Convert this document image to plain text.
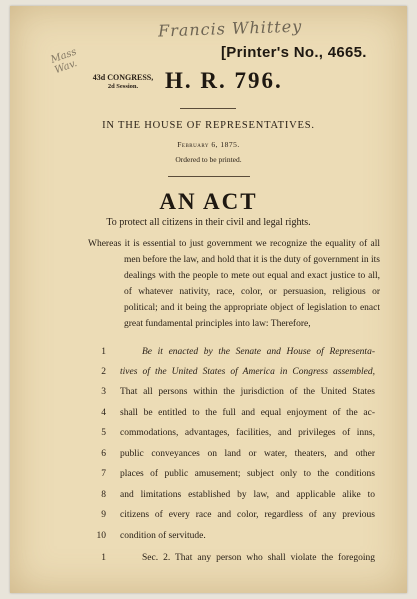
Francis Whittey
Mass Wav.
[Printer's No., 4665.
43d CONGRESS,
2d Session.	H. R. 796.
IN THE HOUSE OF REPRESENTATIVES.
February 6, 1875.
Ordered to be printed.
AN ACT
To protect all citizens in their civil and legal rights.
Whereas it is essential to just government we recognize the equality of all men before the law, and hold that it is the duty of government in its dealings with the people to mete out equal and exact justice to all, of whatever nativity, race, color, or persuasion, religious or political; and it being the appropriate object of legislation to enact great fundamental principles into law: Therefore,
1	Be it enacted by the Senate and House of Representa-
2 tives of the United States of America in Congress assembled,
3 That all persons within the jurisdiction of the United States
4 shall be entitled to the full and equal enjoyment of the ac-
5 commodations, advantages, facilities, and privileges of inns,
6 public conveyances on land or water, theaters, and other
7 places of public amusement; subject only to the conditions
8 and limitations established by law, and applicable alike to
9 citizens of every race and color, regardless of any previous
10 condition of servitude.
1	Sec. 2. That any person who shall violate the foregoing
